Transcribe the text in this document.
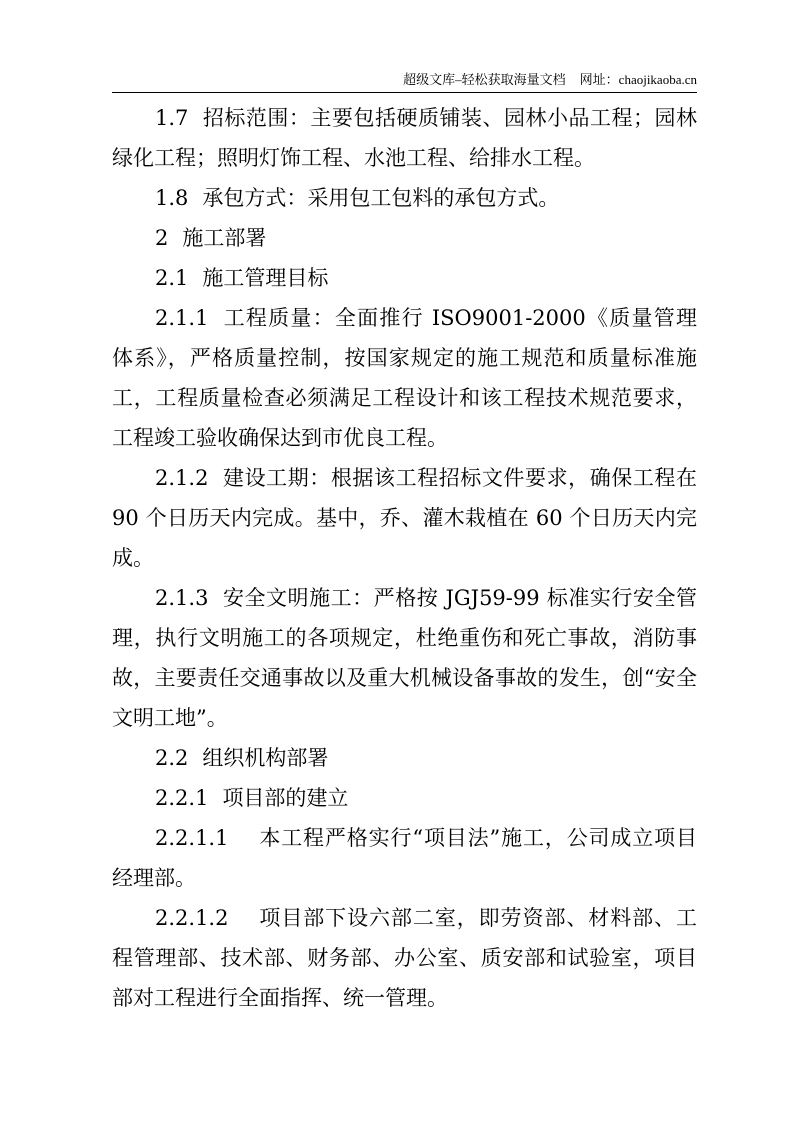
超级文库–轻松获取海量文档 网址：chaojikaoba.cn

1.7 招标范围：主要包括硬质铺装、园林小品工程；园林绿化工程；照明灯饰工程、水池工程、给排水工程。

1.8 承包方式：采用包工包料的承包方式。

2 施工部署

2.1 施工管理目标

2.1.1 工程质量：全面推行 ISO9001-2000《质量管理体系》，严格质量控制，按国家规定的施工规范和质量标准施工，工程质量检查必须满足工程设计和该工程技术规范要求，工程竣工验收确保达到市优良工程。

2.1.2 建设工期：根据该工程招标文件要求，确保工程在 90 个日历天内完成。基中，乔、灌木栽植在 60 个日历天内完成。

2.1.3 安全文明施工：严格按 JGJ59-99 标准实行安全管理，执行文明施工的各项规定，杜绝重伤和死亡事故，消防事故，主要责任交通事故以及重大机械设备事故的发生，创“安全文明工地”。

2.2 组织机构部署

2.2.1 项目部的建立

2.2.1.1 本工程严格实行“项目法”施工，公司成立项目经理部。

2.2.1.2 项目部下设六部二室，即劳资部、材料部、工程管理部、技术部、财务部、办公室、质安部和试验室，项目部对工程进行全面指挥、统一管理。
